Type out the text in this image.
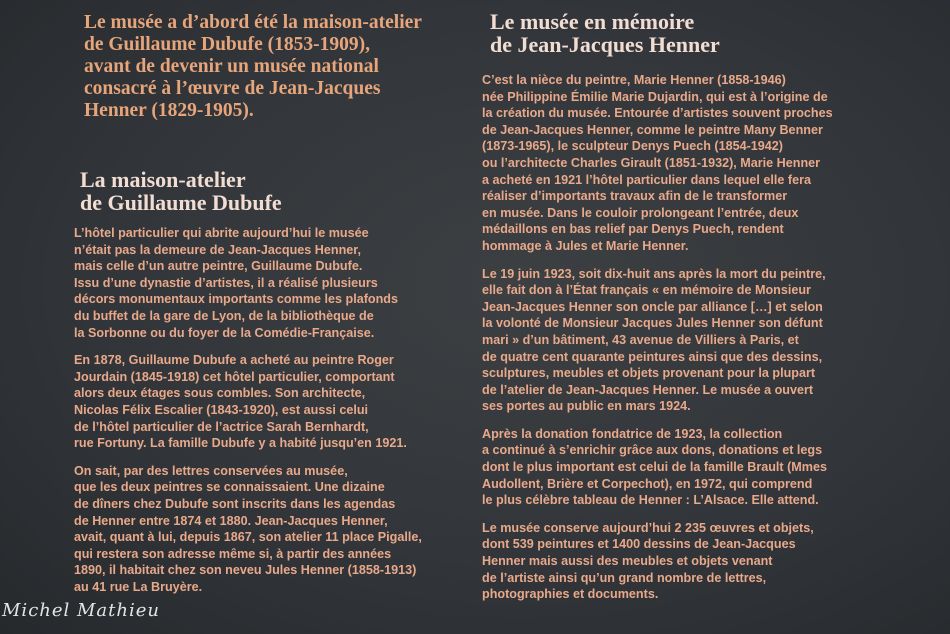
Le musée a d’abord été la maison-atelier
de Guillaume Dubufe (1853-1909),
avant de devenir un musée national
consacré à l’œuvre de Jean-Jacques
Henner (1829-1905).
La maison-atelier
de Guillaume Dubufe
L’hôtel particulier qui abrite aujourd’hui le musée
n’était pas la demeure de Jean-Jacques Henner,
mais celle d’un autre peintre, Guillaume Dubufe.
Issu d’une dynastie d’artistes, il a réalisé plusieurs
décors monumentaux importants comme les plafonds
du buffet de la gare de Lyon, de la bibliothèque de
la Sorbonne ou du foyer de la Comédie-Française.
En 1878, Guillaume Dubufe a acheté au peintre Roger
Jourdain (1845-1918) cet hôtel particulier, comportant
alors deux étages sous combles. Son architecte,
Nicolas Félix Escalier (1843-1920), est aussi celui
de l’hôtel particulier de l’actrice Sarah Bernhardt,
rue Fortuny. La famille Dubufe y a habité jusqu’en 1921.
On sait, par des lettres conservées au musée,
que les deux peintres se connaissaient. Une dizaine
de dîners chez Dubufe sont inscrits dans les agendas
de Henner entre 1874 et 1880. Jean-Jacques Henner,
avait, quant à lui, depuis 1867, son atelier 11 place Pigalle,
qui restera son adresse même si, à partir des années
1890, il habitait chez son neveu Jules Henner (1858-1913)
au 41 rue La Bruyère.
Le musée en mémoire
de Jean-Jacques Henner
C’est la nièce du peintre, Marie Henner (1858-1946)
née Philippine Émilie Marie Dujardin, qui est à l’origine de
la création du musée. Entourée d’artistes souvent proches
de Jean-Jacques Henner, comme le peintre Many Benner
(1873-1965), le sculpteur Denys Puech (1854-1942)
ou l’architecte Charles Girault (1851-1932), Marie Henner
a acheté en 1921 l’hôtel particulier dans lequel elle fera
réaliser d’importants travaux afin de le transformer
en musée. Dans le couloir prolongeant l’entrée, deux
médaillons en bas relief par Denys Puech, rendent
hommage à Jules et Marie Henner.
Le 19 juin 1923, soit dix-huit ans après la mort du peintre,
elle fait don à l’État français « en mémoire de Monsieur
Jean-Jacques Henner son oncle par alliance […] et selon
la volonté de Monsieur Jacques Jules Henner son défunt
mari » d’un bâtiment, 43 avenue de Villiers à Paris, et
de quatre cent quarante peintures ainsi que des dessins,
sculptures, meubles et objets provenant pour la plupart
de l’atelier de Jean-Jacques Henner. Le musée a ouvert
ses portes au public en mars 1924.
Après la donation fondatrice de 1923, la collection
a continué à s’enrichir grâce aux dons, donations et legs
dont le plus important est celui de la famille Brault (Mmes
Audollent, Brière et Corpechot), en 1972, qui comprend
le plus célèbre tableau de Henner : L’Alsace. Elle attend.
Le musée conserve aujourd’hui 2 235 œuvres et objets,
dont 539 peintures et 1400 dessins de Jean-Jacques
Henner mais aussi des meubles et objets venant
de l’artiste ainsi qu’un grand nombre de lettres,
photographies et documents.
Michel Mathieu
